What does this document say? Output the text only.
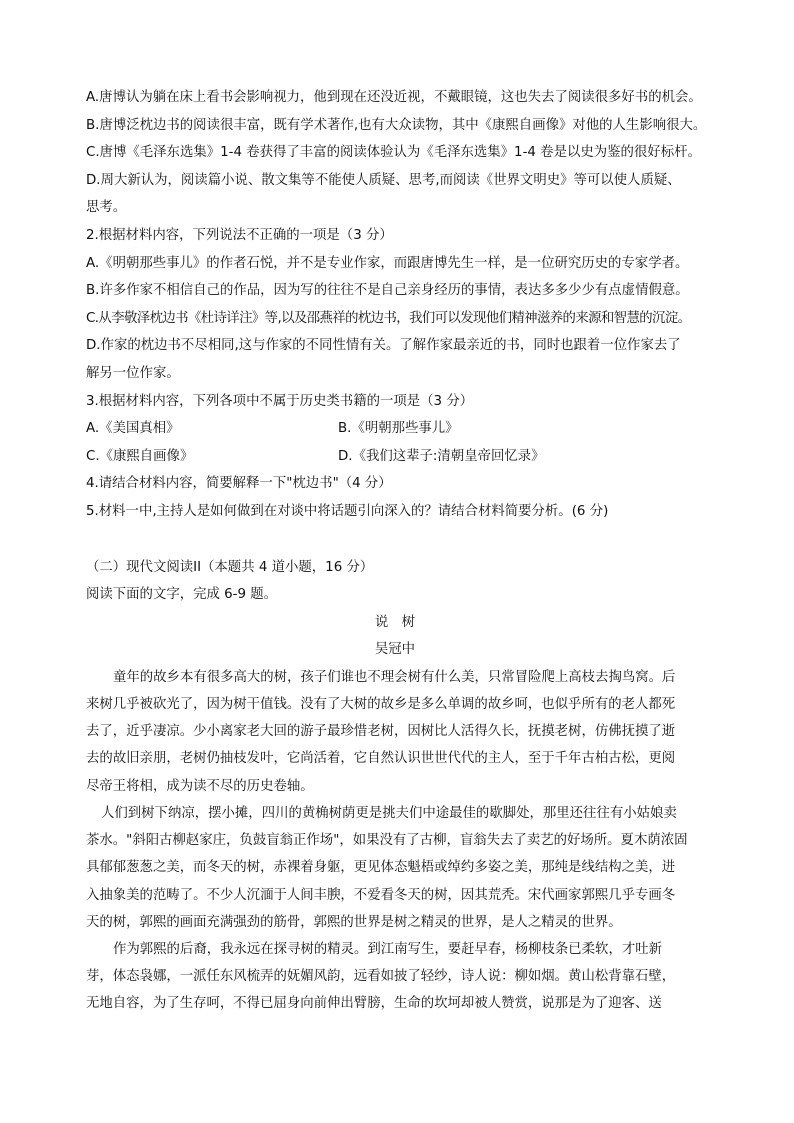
A.唐博认为躺在床上看书会影响视力，他到现在还没近视，不戴眼镜，这也失去了阅读很多好书的机会。

B.唐博泛枕边书的阅读很丰富，既有学术著作,也有大众读物，其中《康熙自画像》对他的人生影响很大。

C.唐博《毛泽东选集》1-4 卷获得了丰富的阅读体验认为《毛泽东选集》1-4 卷是以史为鉴的很好标杆。

D.周大新认为，阅读篇小说、散文集等不能使人质疑、思考,而阅读《世界文明史》等可以使人质疑、

思考。

2.根据材料内容，下列说法不正确的一项是（3 分）

A.《明朝那些事儿》的作者石悦，并不是专业作家，而跟唐博先生一样，是一位研究历史的专家学者。

B.许多作家不相信自己的作品，因为写的往往不是自己亲身经历的事情，表达多多少少有点虚情假意。

C.从李敬泽枕边书《杜诗详注》等,以及邵燕祥的枕边书，我们可以发现他们精神滋养的来源和智慧的沉淀。

D.作家的枕边书不尽相同,这与作家的不同性情有关。了解作家最亲近的书，同时也跟着一位作家去了

解另一位作家。

3.根据材料内容，下列各项中不属于历史类书籍的一项是（3 分）

A.《美国真相》	B.《明朝那些事儿》
C.《康熙自画像》	D.《我们这辈子:清朝皇帝回忆录》

4.请结合材料内容，简要解释一下"枕边书"（4 分）

5.材料一中,主持人是如何做到在对谈中将话题引向深入的？请结合材料简要分析。(6 分)

（二）现代文阅读II（本题共 4 道小题，16 分）

阅读下面的文字，完成 6-9 题。

说　树

吴冠中

童年的故乡本有很多高大的树，孩子们谁也不理会树有什么美，只常冒险爬上高枝去掏鸟窝。后

来树几乎被砍光了，因为树干值钱。没有了大树的故乡是多么单调的故乡呵，也似乎所有的老人都死

去了，近乎凄凉。少小离家老大回的游子最珍惜老树，因树比人活得久长，抚摸老树，仿佛抚摸了逝

去的故旧亲朋，老树仍抽枝发叶，它尚活着，它自然认识世世代代的主人，至于千年古柏古松，更阅

尽帝王将相，成为读不尽的历史卷轴。

人们到树下纳凉，摆小摊，四川的黄桷树荫更是挑夫们中途最佳的歇脚处，那里还往往有小姑娘卖

茶水。"斜阳古柳赵家庄，负鼓盲翁正作场"，如果没有了古柳，盲翁失去了卖艺的好场所。夏木荫浓固

具郁郁葱葱之美，而冬天的树，赤裸着身躯，更见体态魁梧或绰约多姿之美，那纯是线结构之美，进

入抽象美的范畴了。不少人沉湎于人间丰腴，不爱看冬天的树，因其荒秃。宋代画家郭熙几乎专画冬

天的树，郭熙的画面充满强劲的筋骨，郭熙的世界是树之精灵的世界，是人之精灵的世界。

作为郭熙的后裔，我永远在探寻树的精灵。到江南写生，要赶早春，杨柳枝条已柔软，才吐新

芽，体态袅娜，一派任东风梳弄的妩媚风韵，远看如披了轻纱，诗人说：柳如烟。黄山松背靠石壁，

无地自容，为了生存呵，不得已屈身向前伸出臂膀，生命的坎坷却被人赞赏，说那是为了迎客、送
